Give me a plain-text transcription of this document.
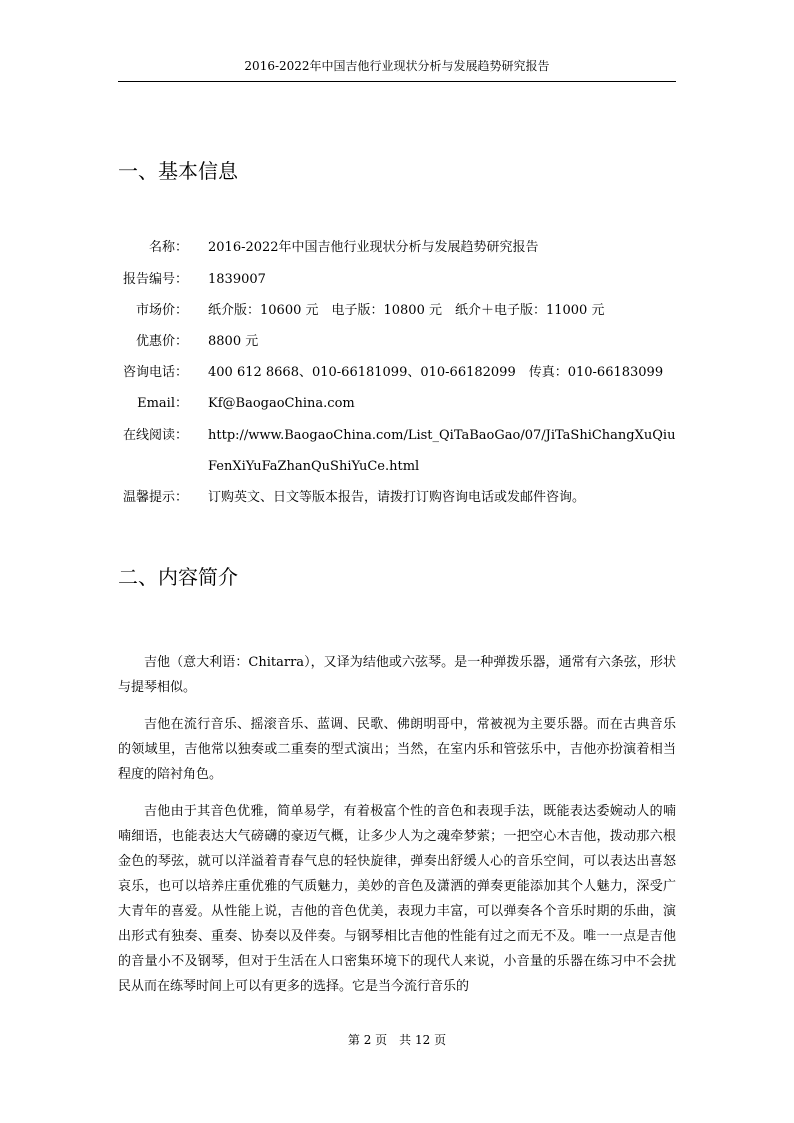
2016-2022年中国吉他行业现状分析与发展趋势研究报告
一、基本信息
名称： 2016-2022年中国吉他行业现状分析与发展趋势研究报告
报告编号： 1839007
市场价： 纸介版：10600 元　电子版：10800 元　纸介＋电子版：11000 元
优惠价： 8800 元
咨询电话： 400 612 8668、010-66181099、010-66182099　传真：010-66183099
Email： Kf@BaogaoChina.com
在线阅读： http://www.BaogaoChina.com/List_QiTaBaoGao/07/JiTaShiChangXuQiuFenXiYuFaZhanQuShiYuCe.html
温馨提示： 订购英文、日文等版本报告，请拨打订购咨询电话或发邮件咨询。
二、内容简介

吉他（意大利语：Chitarra），又译为结他或六弦琴。是一种弹拨乐器，通常有六条弦，形状与提琴相似。

吉他在流行音乐、摇滚音乐、蓝调、民歌、佛朗明哥中，常被视为主要乐器。而在古典音乐的领域里，吉他常以独奏或二重奏的型式演出；当然，在室内乐和管弦乐中，吉他亦扮演着相当程度的陪衬角色。

吉他由于其音色优雅，简单易学，有着极富个性的音色和表现手法，既能表达委婉动人的喃喃细语，也能表达大气磅礴的豪迈气概，让多少人为之魂牵梦萦；一把空心木吉他，拨动那六根金色的琴弦，就可以洋溢着青春气息的轻快旋律，弹奏出舒缓人心的音乐空间，可以表达出喜怒哀乐，也可以培养庄重优雅的气质魅力，美妙的音色及潇洒的弹奏更能添加其个人魅力，深受广大青年的喜爱。从性能上说，吉他的音色优美，表现力丰富，可以弹奏各个音乐时期的乐曲，演出形式有独奏、重奏、协奏以及伴奏。与钢琴相比吉他的性能有过之而无不及。唯一一点是吉他的音量小不及钢琴，但对于生活在人口密集环境下的现代人来说，小音量的乐器在练习中不会扰民从而在练琴时间上可以有更多的选择。它是当今流行音乐的

第 2 页　共 12 页
